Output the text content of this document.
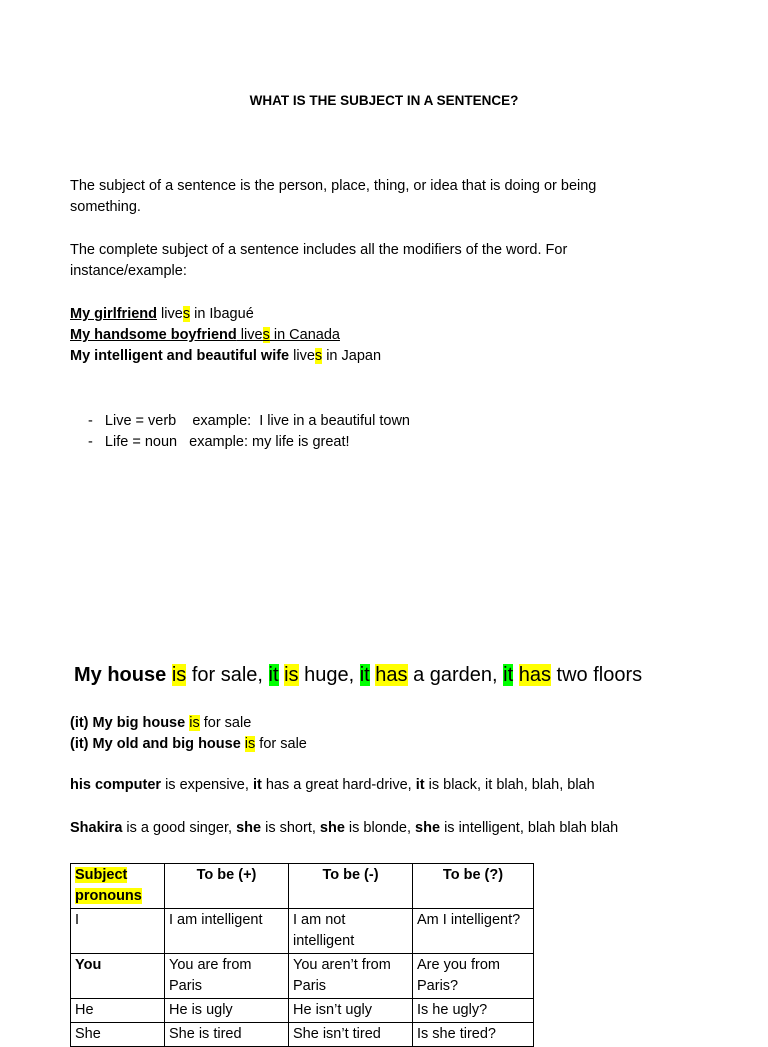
WHAT IS THE SUBJECT IN A SENTENCE?
The subject of a sentence is the person, place, thing, or idea that is doing or being something.
The complete subject of a sentence includes all the modifiers of the word. For instance/example:
My girlfriend lives in Ibagué
My handsome boyfriend lives in Canada
My intelligent and beautiful wife lives in Japan
-   Live = verb    example:  I live in a beautiful town
-   Life = noun   example: my life is great!
My house is for sale, it is huge, it has a garden, it has two floors
(it) My big house is for sale
(it) My old and big house is for sale
his computer is expensive, it has a great hard-drive, it is black, it blah, blah, blah
Shakira is a good singer, she is short, she is blonde, she is intelligent, blah blah blah
Subject pronouns	To be (+)	To be (-)	To be (?)
I	I am intelligent	I am not intelligent	Am I intelligent?
You	You are from Paris	You aren’t from Paris	Are you from Paris?
He	He is ugly	He isn’t ugly	Is he ugly?
She	She is tired	She isn’t tired	Is she tired?
